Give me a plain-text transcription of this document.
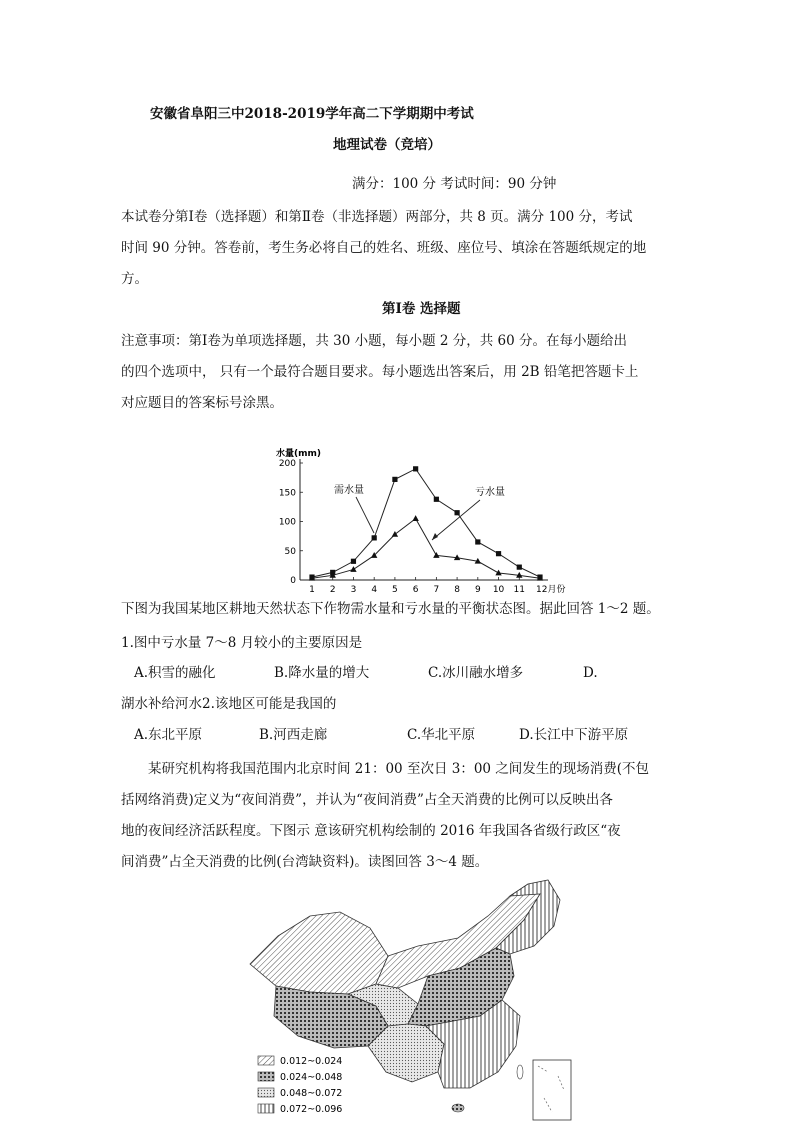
安徽省阜阳三中2018-2019学年高二下学期期中考试
地理试卷（竞培）
满分：100 分 考试时间：90 分钟
本试卷分第Ⅰ卷（选择题）和第Ⅱ卷（非选择题）两部分，共 8 页。满分 100 分，考试
时间 90 分钟。答卷前，考生务必将自己的姓名、班级、座位号、填涂在答题纸规定的地
方。
第Ⅰ卷 选择题
注意事项：第Ⅰ卷为单项选择题，共 30 小题，每小题 2 分，共 60 分。在每小题给出
的四个选项中， 只有一个最符合题目要求。每小题选出答案后，用 2B 铅笔把答题卡上
对应题目的答案标号涂黑。
水量(mm)
0
50
100
150
200
1 2 3 4 5 6 7 8 9 10 11 12月份
需水量	亏水量
下图为我国某地区耕地天然状态下作物需水量和亏水量的平衡状态图。据此回答 1～2 题。
1.图中亏水量 7～8 月较小的主要原因是
A.积雪的融化	B.降水量的增大	C.冰川融水增多	D.
湖水补给河水2.该地区可能是我国的
A.东北平原	B.河西走廊	C.华北平原	D.长江中下游平原
某研究机构将我国范围内北京时间 21：00 至次日 3：00 之间发生的现场消费(不包
括网络消费)定义为“夜间消费”，并认为“夜间消费”占全天消费的比例可以反映出各
地的夜间经济活跃程度。下图示 意该研究机构绘制的 2016 年我国各省级行政区“夜
间消费”占全天消费的比例(台湾缺资料)。读图回答 3～4 题。
0.012~0.024
0.024~0.048
0.048~0.072
0.072~0.096
